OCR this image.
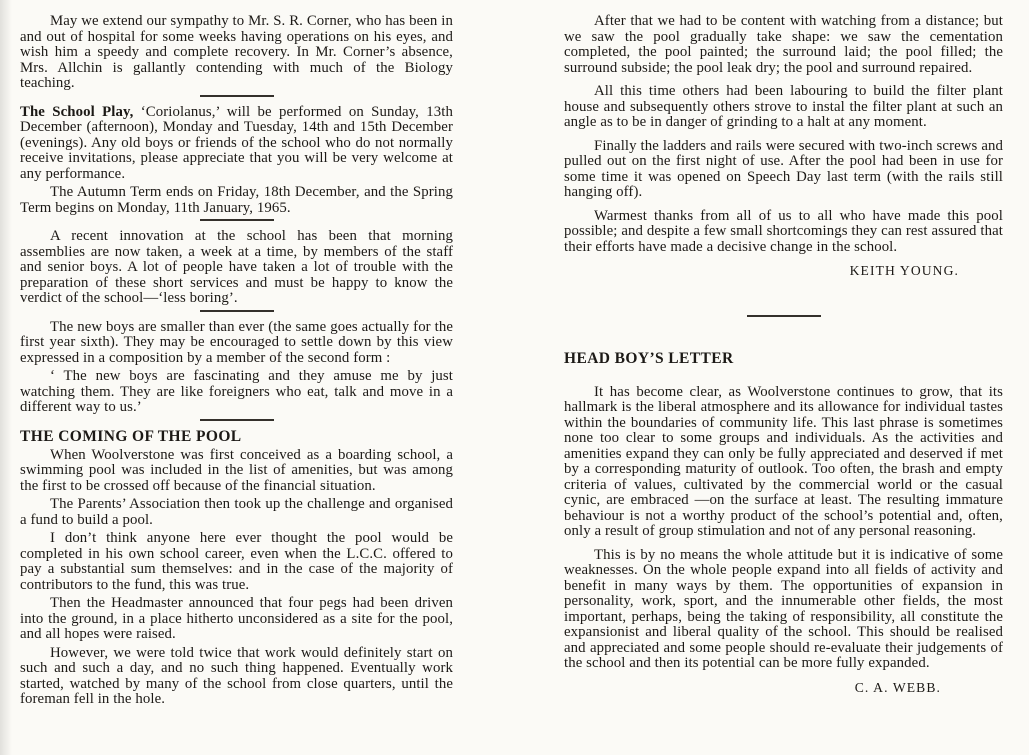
May we extend our sympathy to Mr. S. R. Corner, who has been in and out of hospital for some weeks having operations on his eyes, and wish him a speedy and complete recovery. In Mr. Corner’s absence, Mrs. Allchin is gallantly contending with much of the Biology teaching.

The School Play, ‘Coriolanus,’ will be performed on Sunday, 13th December (afternoon), Monday and Tuesday, 14th and 15th December (evenings). Any old boys or friends of the school who do not normally receive invitations, please appreciate that you will be very welcome at any performance.

The Autumn Term ends on Friday, 18th December, and the Spring Term begins on Monday, 11th January, 1965.

A recent innovation at the school has been that morning assemblies are now taken, a week at a time, by members of the staff and senior boys. A lot of people have taken a lot of trouble with the preparation of these short services and must be happy to know the verdict of the school—‘less boring’.

The new boys are smaller than ever (the same goes actually for the first year sixth). They may be encouraged to settle down by this view expressed in a composition by a member of the second form :

‘ The new boys are fascinating and they amuse me by just watching them. They are like foreigners who eat, talk and move in a different way to us.’

THE COMING OF THE POOL

When Woolverstone was first conceived as a boarding school, a swimming pool was included in the list of amenities, but was among the first to be crossed off because of the financial situation.

The Parents’ Association then took up the challenge and organised a fund to build a pool.

I don’t think anyone here ever thought the pool would be completed in his own school career, even when the L.C.C. offered to pay a substantial sum themselves: and in the case of the majority of contributors to the fund, this was true.

Then the Headmaster announced that four pegs had been driven into the ground, in a place hitherto unconsidered as a site for the pool, and all hopes were raised.

However, we were told twice that work would definitely start on such and such a day, and no such thing happened. Eventually work started, watched by many of the school from close quarters, until the foreman fell in the hole.

After that we had to be content with watching from a distance; but we saw the pool gradually take shape: we saw the cementation completed, the pool painted; the surround laid; the pool filled; the surround subside; the pool leak dry; the pool and surround repaired.

All this time others had been labouring to build the filter plant house and subsequently others strove to instal the filter plant at such an angle as to be in danger of grinding to a halt at any moment.

Finally the ladders and rails were secured with two-inch screws and pulled out on the first night of use. After the pool had been in use for some time it was opened on Speech Day last term (with the rails still hanging off).

Warmest thanks from all of us to all who have made this pool possible; and despite a few small shortcomings they can rest assured that their efforts have made a decisive change in the school.

KEITH YOUNG.

HEAD BOY’S LETTER

It has become clear, as Woolverstone continues to grow, that its hallmark is the liberal atmosphere and its allowance for individual tastes within the boundaries of community life. This last phrase is sometimes none too clear to some groups and individuals. As the activities and amenities expand they can only be fully appreciated and deserved if met by a corresponding maturity of outlook. Too often, the brash and empty criteria of values, cultivated by the commercial world or the casual cynic, are embraced —on the surface at least. The resulting immature behaviour is not a worthy product of the school’s potential and, often, only a result of group stimulation and not of any personal reasoning.

This is by no means the whole attitude but it is indicative of some weaknesses. On the whole people expand into all fields of activity and benefit in many ways by them. The opportunities of expansion in personality, work, sport, and the innumerable other fields, the most important, perhaps, being the taking of responsibility, all constitute the expansionist and liberal quality of the school. This should be realised and appreciated and some people should re-evaluate their judgements of the school and then its potential can be more fully expanded.

C. A. WEBB.
